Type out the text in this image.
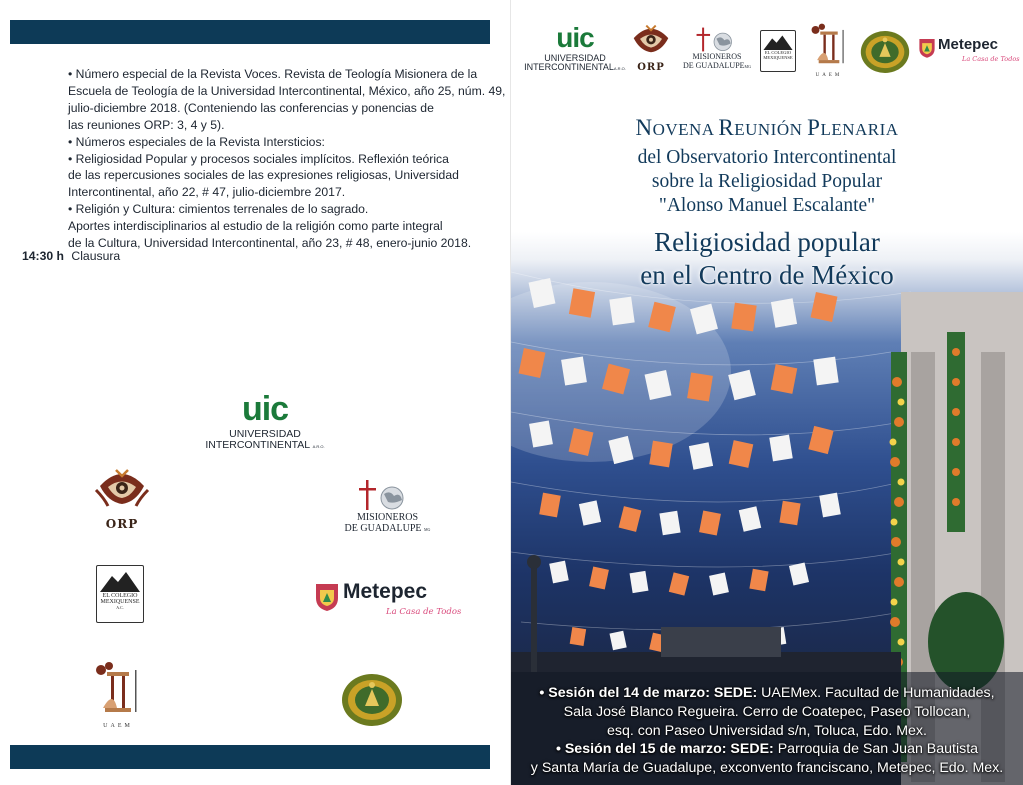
• Número especial de la Revista Voces. Revista de Teología Misionera de la
Escuela de Teología de la Universidad Intercontinental, México, año 25, núm. 49,
julio-diciembre 2018. (Conteniendo las conferencias y ponencias de
las reuniones ORP: 3, 4 y 5).
• Números especiales de la Revista Intersticios:
• Religiosidad Popular y procesos sociales implícitos. Reflexión teórica
de las repercusiones sociales de las expresiones religiosas, Universidad
Intercontinental, año 22, # 47, julio-diciembre 2017.
• Religión y Cultura: cimientos terrenales de lo sagrado.
Aportes interdisciplinarios al estudio de la religión como parte integral
de la Cultura, Universidad Intercontinental, año 23, # 48, enero-junio 2018.
14:30 h Clausura
uic
UNIVERSIDAD
INTERCONTINENTAL A.R.O.
ORP	MISIONEROS
DE GUADALUPE MG
EL COLEGIO
MEXIQUENSE
A.C.
Metepec
La Casa de Todos
UAEM
uic
UNIVERSIDAD
INTERCONTINENTALA.R.O.	ORP
MISIONEROS
DE GUADALUPEMG
EL COLEGIO
MEXIQUENSE
UAEM
Metepec
La Casa de Todos
NOVENA REUNIÓN PLENARIA
del Observatorio Intercontinental
sobre la Religiosidad Popular
"Alonso Manuel Escalante"
Religiosidad popular
en el Centro de México
• Sesión del 14 de marzo: SEDE: UAEMex. Facultad de Humanidades,
Sala José Blanco Regueira. Cerro de Coatepec, Paseo Tollocan,
esq. con Paseo Universidad s/n, Toluca, Edo. Mex.
• Sesión del 15 de marzo: SEDE: Parroquia de San Juan Bautista
y Santa María de Guadalupe, exconvento franciscano, Metepec, Edo. Mex.
